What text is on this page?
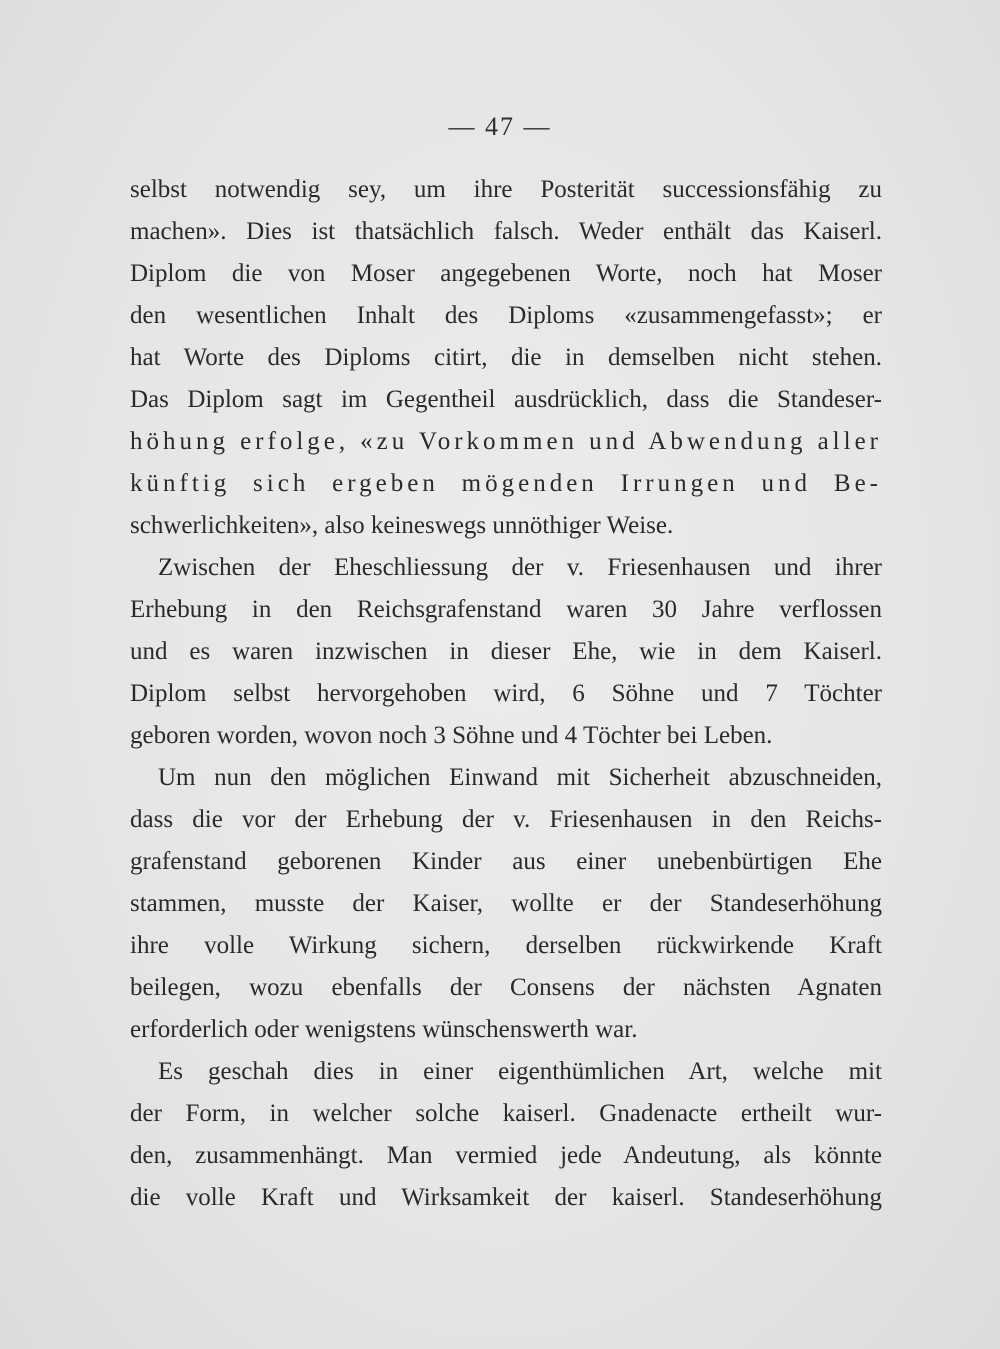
— 47 —
selbst notwendig sey, um ihre Posterität successionsfähig zu
machen». Dies ist thatsächlich falsch. Weder enthält das Kaiserl.
Diplom die von Moser angegebenen Worte, noch hat Moser
den wesentlichen Inhalt des Diploms «zusammengefasst»; er
hat Worte des Diploms citirt, die in demselben nicht stehen.
Das Diplom sagt im Gegentheil ausdrücklich, dass die Standeser-
höhung erfolge, «zu Vorkommen und Abwendung aller
künftig sich ergeben mögenden Irrungen und Be-
schwerlichkeiten», also keineswegs unnöthiger Weise.
Zwischen der Eheschliessung der v. Friesenhausen und ihrer
Erhebung in den Reichsgrafenstand waren 30 Jahre verflossen
und es waren inzwischen in dieser Ehe, wie in dem Kaiserl.
Diplom selbst hervorgehoben wird, 6 Söhne und 7 Töchter
geboren worden, wovon noch 3 Söhne und 4 Töchter bei Leben.
Um nun den möglichen Einwand mit Sicherheit abzuschneiden,
dass die vor der Erhebung der v. Friesenhausen in den Reichs-
grafenstand geborenen Kinder aus einer unebenbürtigen Ehe
stammen, musste der Kaiser, wollte er der Standeserhöhung
ihre volle Wirkung sichern, derselben rückwirkende Kraft
beilegen, wozu ebenfalls der Consens der nächsten Agnaten
erforderlich oder wenigstens wünschenswerth war.
Es geschah dies in einer eigenthümlichen Art, welche mit
der Form, in welcher solche kaiserl. Gnadenacte ertheilt wur-
den, zusammenhängt. Man vermied jede Andeutung, als könnte
die volle Kraft und Wirksamkeit der kaiserl. Standeserhöhung
